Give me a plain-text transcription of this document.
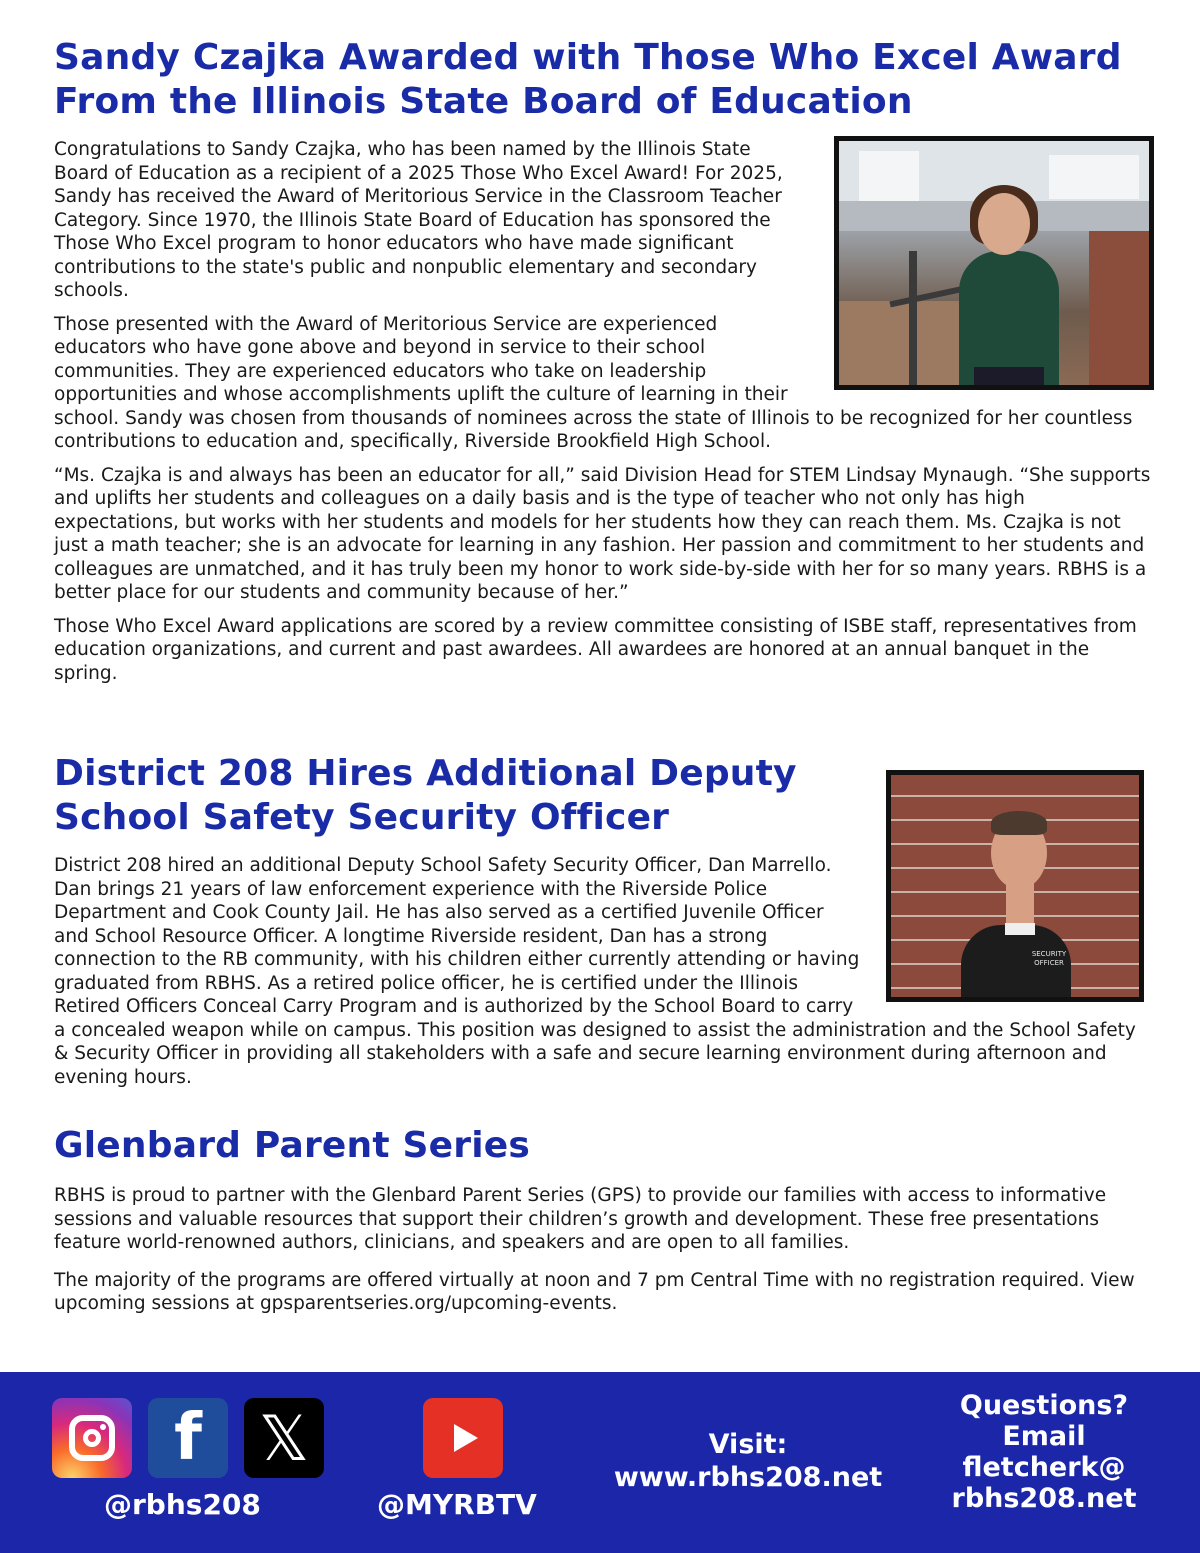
Sandy Czajka Awarded with Those Who Excel Award From the Illinois State Board of Education

Congratulations to Sandy Czajka, who has been named by the Illinois State Board of Education as a recipient of a 2025 Those Who Excel Award! For 2025, Sandy has received the Award of Meritorious Service in the Classroom Teacher Category. Since 1970, the Illinois State Board of Education has sponsored the Those Who Excel program to honor educators who have made significant contributions to the state's public and nonpublic elementary and secondary schools.

Those presented with the Award of Meritorious Service are experienced educators who have gone above and beyond in service to their school communities. They are experienced educators who take on leadership opportunities and whose accomplishments uplift the culture of learning in their school. Sandy was chosen from thousands of nominees across the state of Illinois to be recognized for her countless contributions to education and, specifically, Riverside Brookfield High School.

“Ms. Czajka is and always has been an educator for all,” said Division Head for STEM Lindsay Mynaugh. “She supports and uplifts her students and colleagues on a daily basis and is the type of teacher who not only has high expectations, but works with her students and models for her students how they can reach them. Ms. Czajka is not just a math teacher; she is an advocate for learning in any fashion. Her passion and commitment to her students and colleagues are unmatched, and it has truly been my honor to work side-by-side with her for so many years. RBHS is a better place for our students and community because of her.”

Those Who Excel Award applications are scored by a review committee consisting of ISBE staff, representatives from education organizations, and current and past awardees. All awardees are honored at an annual banquet in the spring.

SECURITY OFFICER
District 208 Hires Additional Deputy School Safety Security Officer

District 208 hired an additional Deputy School Safety Security Officer, Dan Marrello. Dan brings 21 years of law enforcement experience with the Riverside Police Department and Cook County Jail. He has also served as a certified Juvenile Officer and School Resource Officer. A longtime Riverside resident, Dan has a strong connection to the RB community, with his children either currently attending or having graduated from RBHS. As a retired police officer, he is certified under the Illinois Retired Officers Conceal Carry Program and is authorized by the School Board to carry a concealed weapon while on campus. This position was designed to assist the administration and the School Safety & Security Officer in providing all stakeholders with a safe and secure learning environment during afternoon and evening hours.

Glenbard Parent Series

RBHS is proud to partner with the Glenbard Parent Series (GPS) to provide our families with access to informative sessions and valuable resources that support their children’s growth and development. These free presentations feature world-renowned authors, clinicians, and speakers and are open to all families.

The majority of the programs are offered virtually at noon and 7 pm Central Time with no registration required. View upcoming sessions at gpsparentseries.org/upcoming-events.

f 𝕏
@rbhs208	@MYRBTV
Visit:
www.rbhs208.net
Questions?
Email
fletcherk@
rbhs208.net
